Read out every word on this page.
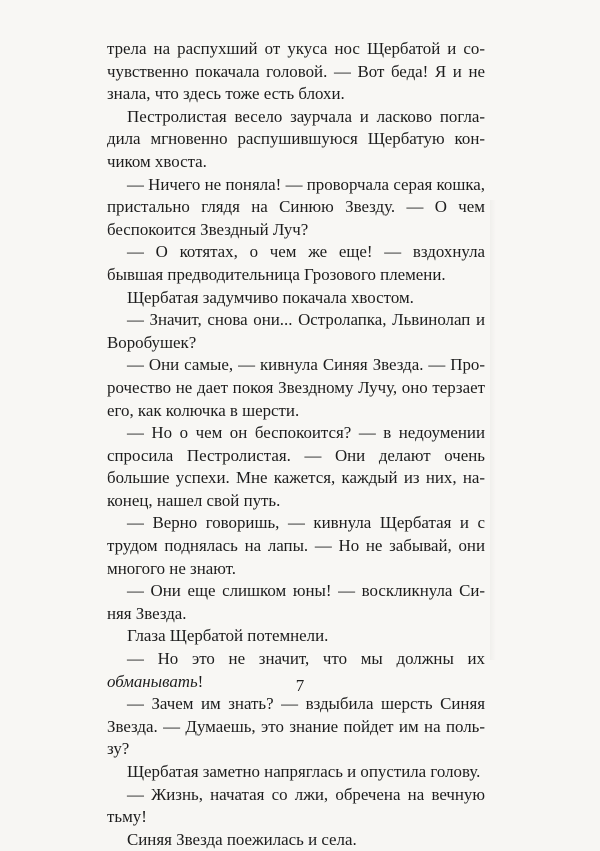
трела на распухший от укуса нос Щербатой и сочувственно покачала головой. — Вот беда! Я и не знала, что здесь тоже есть блохи.

Пестролистая весело заурчала и ласково погладила мгновенно распушившуюся Щербатую кончиком хвоста.

— Ничего не поняла! — проворчала серая кошка, пристально глядя на Синюю Звезду. — О чем беспокоится Звездный Луч?

— О котятах, о чем же еще! — вздохнула бывшая предводительница Грозового племени.

Щербатая задумчиво покачала хвостом.

— Значит, снова они... Остролапка, Львинолап и Воробушек?

— Они самые, — кивнула Синяя Звезда. — Пророчество не дает покоя Звездному Лучу, оно терзает его, как колючка в шерсти.

— Но о чем он беспокоится? — в недоумении спросила Пестролистая. — Они делают очень большие успехи. Мне кажется, каждый из них, наконец, нашел свой путь.

— Верно говоришь, — кивнула Щербатая и с трудом поднялась на лапы. — Но не забывай, они многого не знают.

— Они еще слишком юны! — воскликнула Синяя Звезда.

Глаза Щербатой потемнели.

— Но это не значит, что мы должны их обманывать!

— Зачем им знать? — вздыбила шерсть Синяя Звезда. — Думаешь, это знание пойдет им на пользу?

Щербатая заметно напряглась и опустила голову.

— Жизнь, начатая со лжи, обречена на вечную тьму!

Синяя Звезда поежилась и села.

7
